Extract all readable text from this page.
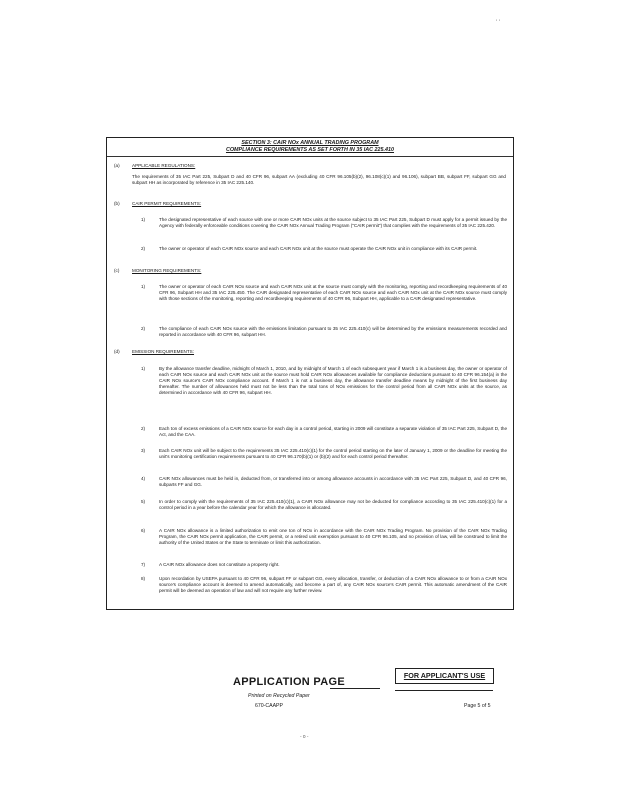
' '
SECTION 3: CAIR NOx ANNUAL TRADING PROGRAM
COMPLIANCE REQUIREMENTS AS SET FORTH IN 35 IAC 225.410
(a)	APPLICABLE REGULATIONS:
The requirements of 35 IAC Part 225, Subpart D and 40 CFR 96, subpart AA (excluding 40 CFR 96.105(b)(2), 96.108(c)(1) and 96.106), subpart BB, subpart FF, subpart GG and subpart HH as incorporated by reference in 35 IAC 225.140.
(b)	CAIR PERMIT REQUIREMENTS:
1)	The designated representative of each source with one or more CAIR NOx units at the source subject to 35 IAC Part 225, Subpart D must apply for a permit issued by the Agency with federally enforceable conditions covering the CAIR NOx Annual Trading Program ("CAIR permit") that complies with the requirements of 35 IAC 225.420.
2)	The owner or operator of each CAIR NOx source and each CAIR NOx unit at the source must operate the CAIR NOx unit in compliance with its CAIR permit.
(c)	MONITORING REQUIREMENTS:
1)	The owner or operator of each CAIR NOx source and each CAIR NOx unit at the source must comply with the monitoring, reporting and recordkeeping requirements of 40 CFR 96, Subpart HH and 35 IAC 225.450. The CAIR designated representative of each CAIR NOx source and each CAIR NOx unit at the CAIR NOx source must comply with those sections of the monitoring, reporting and recordkeeping requirements of 40 CFR 96, Subpart HH, applicable to a CAIR designated representative.
2)	The compliance of each CAIR NOx source with the emissions limitation pursuant to 35 IAC 225.410(c) will be determined by the emissions measurements recorded and reported in accordance with 40 CFR 96, subpart HH.
(d)	EMISSION REQUIREMENTS:
1)	By the allowance transfer deadline, midnight of March 1, 2010, and by midnight of March 1 of each subsequent year if March 1 is a business day, the owner or operator of each CAIR NOx source and each CAIR NOx unit at the source must hold CAIR NOx allowances available for compliance deductions pursuant to 40 CFR 96.154(a) in the CAIR NOx source's CAIR NOx compliance account. If March 1 is not a business day, the allowance transfer deadline means by midnight of the first business day thereafter. The number of allowances held must not be less than the total tons of NOx emissions for the control period from all CAIR NOx units at the source, as determined in accordance with 40 CFR 96, subpart HH.
2)	Each ton of excess emissions of a CAIR NOx source for each day in a control period, starting in 2009 will constitute a separate violation of 35 IAC Part 225, Subpart D, the Act, and the CAA.
3)	Each CAIR NOx unit will be subject to the requirements 35 IAC 225.410(c)(1) for the control period starting on the later of January 1, 2009 or the deadline for meeting the unit's monitoring certification requirements pursuant to 40 CFR 96.170(b)(1) or (b)(2) and for each control period thereafter.
4)	CAIR NOx allowances must be held in, deducted from, or transferred into or among allowance accounts in accordance with 35 IAC Part 225, Subpart D, and 40 CFR 96, subparts FF and GG.
5)	In order to comply with the requirements of 35 IAC 225.410(c)(1), a CAIR NOx allowance may not be deducted for compliance according to 35 IAC 225.410(c)(1) for a control period in a year before the calendar year for which the allowance is allocated.
6)	A CAIR NOx allowance is a limited authorization to emit one ton of NOx in accordance with the CAIR NOx Trading Program. No provision of the CAIR NOx Trading Program, the CAIR NOx permit application, the CAIR permit, or a retired unit exemption pursuant to 40 CFR 96.105, and no provision of law, will be construed to limit the authority of the United States or the State to terminate or limit this authorization.
7)	A CAIR NOx allowance does not constitute a property right.
8)	Upon recordation by USEPA pursuant to 40 CFR 96, subpart FF or subpart GG, every allocation, transfer, or deduction of a CAIR NOx allowance to or from a CAIR NOx source's compliance account is deemed to amend automatically, and become a part of, any CAIR NOx source's CAIR permit. This automatic amendment of the CAIR permit will be deemed an operation of law and will not require any further review.
APPLICATION PAGE
FOR APPLICANT'S USE
Printed on Recycled Paper
670-CAAPP	Page 5 of 5
- 0 -
